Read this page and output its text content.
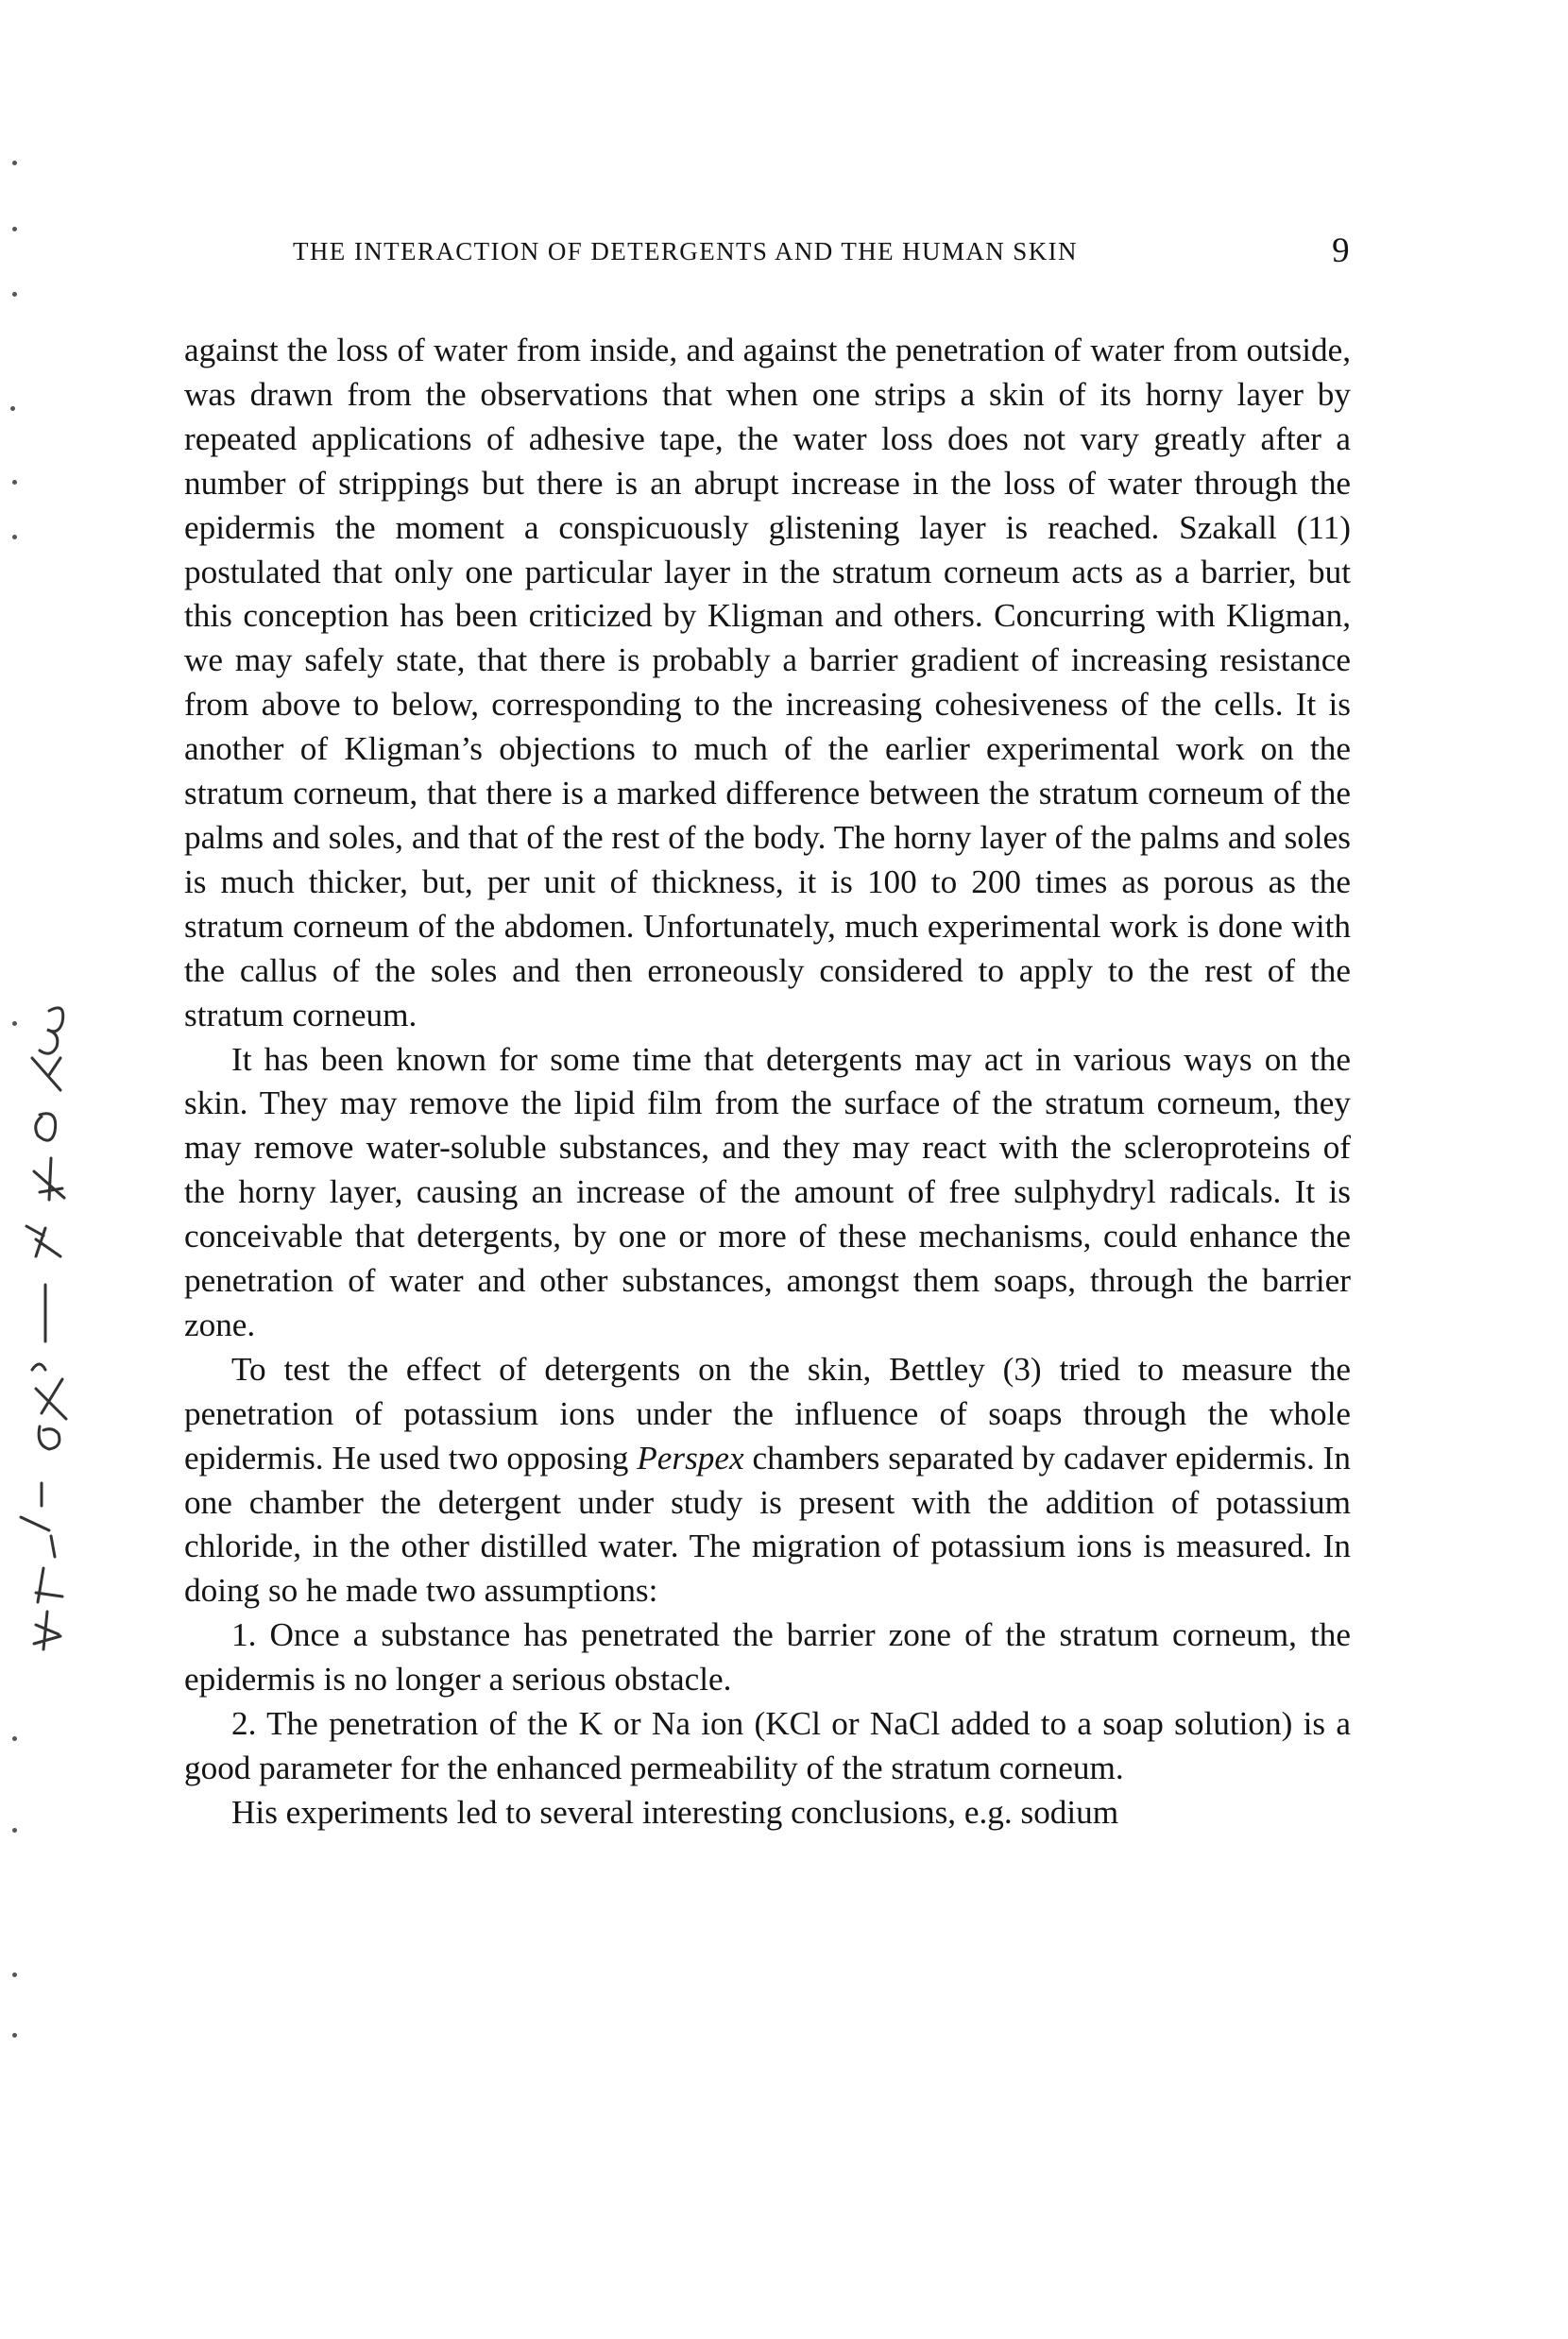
THE INTERACTION OF DETERGENTS AND THE HUMAN SKIN	9

against the loss of water from inside, and against the penetration of water from outside, was drawn from the observations that when one strips a skin of its horny layer by repeated applications of adhesive tape, the water loss does not vary greatly after a number of strippings but there is an abrupt increase in the loss of water through the epidermis the moment a conspicuously glistening layer is reached. Szakall (11) postulated that only one particular layer in the stratum corneum acts as a barrier, but this conception has been criticized by Kligman and others. Concurring with Kligman, we may safely state, that there is probably a barrier gradient of increasing resistance from above to below, corresponding to the increasing cohesiveness of the cells. It is another of Kligman’s objections to much of the earlier experimental work on the stratum corneum, that there is a marked difference between the stratum corneum of the palms and soles, and that of the rest of the body. The horny layer of the palms and soles is much thicker, but, per unit of thickness, it is 100 to 200 times as porous as the stratum corneum of the abdomen. Unfortunately, much experimental work is done with the callus of the soles and then erroneously considered to apply to the rest of the stratum corneum.

It has been known for some time that detergents may act in various ways on the skin. They may remove the lipid film from the surface of the stratum corneum, they may remove water-soluble substances, and they may react with the scleroproteins of the horny layer, causing an increase of the amount of free sulphydryl radicals. It is conceivable that detergents, by one or more of these mechanisms, could enhance the penetration of water and other substances, amongst them soaps, through the barrier zone.

To test the effect of detergents on the skin, Bettley (3) tried to measure the penetration of potassium ions under the influence of soaps through the whole epidermis. He used two opposing Perspex chambers separated by cadaver epidermis. In one chamber the detergent under study is present with the addition of potassium chloride, in the other distilled water. The migration of potassium ions is measured. In doing so he made two assumptions:

1. Once a substance has penetrated the barrier zone of the stratum corneum, the epidermis is no longer a serious obstacle.

2. The penetration of the K or Na ion (KCl or NaCl added to a soap solution) is a good parameter for the enhanced permeability of the stratum corneum.

His experiments led to several interesting conclusions, e.g. sodium
